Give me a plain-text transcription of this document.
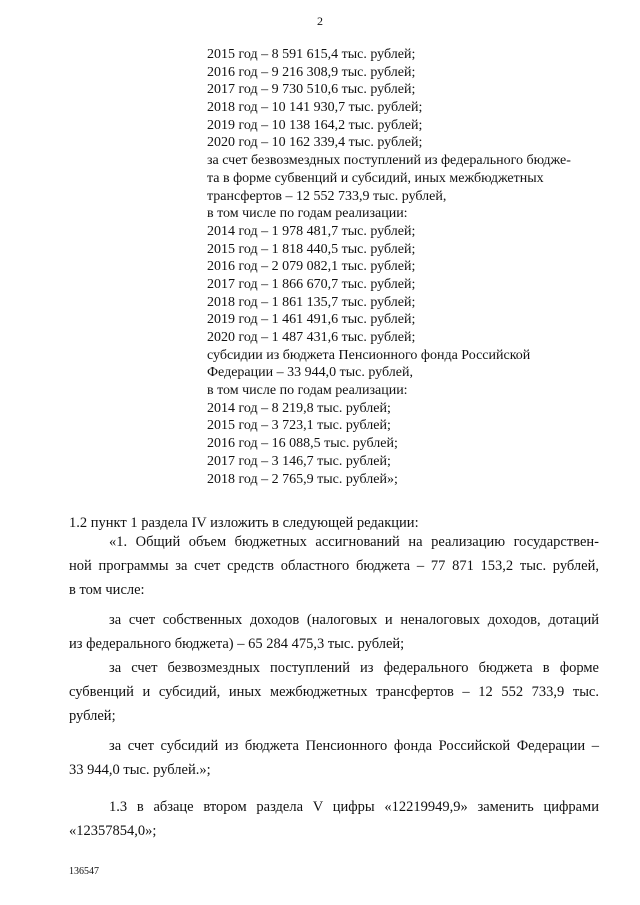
2
2015 год – 8 591 615,4 тыс. рублей;
2016 год – 9 216 308,9 тыс. рублей;
2017 год – 9 730 510,6 тыс. рублей;
2018 год – 10 141 930,7 тыс. рублей;
2019 год – 10 138 164,2 тыс. рублей;
2020 год – 10 162 339,4 тыс. рублей;
за счет безвозмездных поступлений из федерального бюдже-
та в форме субвенций и субсидий, иных межбюджетных
трансфертов – 12 552 733,9 тыс. рублей,
в том числе по годам реализации:
2014 год – 1 978 481,7 тыс. рублей;
2015 год – 1 818 440,5 тыс. рублей;
2016 год – 2 079 082,1 тыс. рублей;
2017 год – 1 866 670,7 тыс. рублей;
2018 год – 1 861 135,7 тыс. рублей;
2019 год – 1 461 491,6 тыс. рублей;
2020 год – 1 487 431,6 тыс. рублей;
субсидии из бюджета Пенсионного фонда Российской
Федерации – 33 944,0 тыс. рублей,
в том числе по годам реализации:
2014 год – 8 219,8 тыс. рублей;
2015 год – 3 723,1 тыс. рублей;
2016 год – 16 088,5 тыс. рублей;
2017 год – 3 146,7 тыс. рублей;
2018 год – 2 765,9 тыс. рублей»;
1.2 пункт 1 раздела IV изложить в следующей редакции:
«1. Общий объем бюджетных ассигнований на реализацию государствен-
ной программы за счет средств областного бюджета – 77 871 153,2 тыс. рублей,
в том числе:
за счет собственных доходов (налоговых и неналоговых доходов, дотаций
из федерального бюджета) – 65 284 475,3 тыс. рублей;
за счет безвозмездных поступлений из федерального бюджета в форме
субвенций и субсидий, иных межбюджетных трансфертов – 12 552 733,9 тыс.
рублей;
за счет субсидий из бюджета Пенсионного фонда Российской Федерации –
33 944,0 тыс. рублей.»;
1.3 в абзаце втором раздела V цифры «12219949,9» заменить цифрами
«12357854,0»;
136547
